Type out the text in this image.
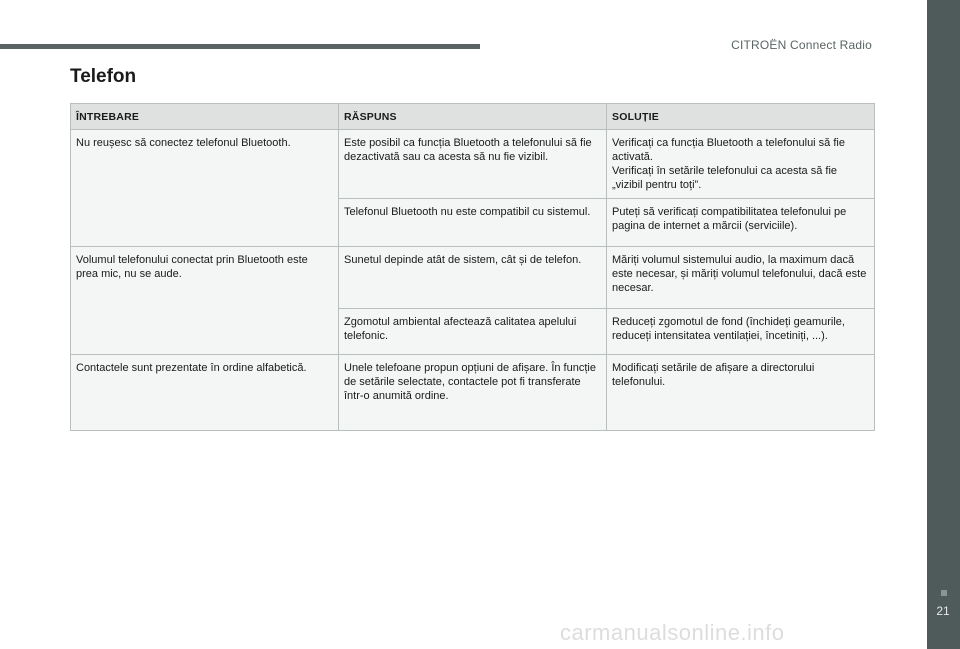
CITROËN Connect Radio
Telefon
ÎNTREBARE	RĂSPUNS	SOLUȚIE

Nu reușesc să conectez telefonul Bluetooth.	Este posibil ca funcția Bluetooth a telefonului să fie dezactivată sau ca acesta să nu fie vizibil.	Verificați ca funcția Bluetooth a telefonului să fie activată.
Verificați în setările telefonului ca acesta să fie „vizibil pentru toți”.

	Telefonul Bluetooth nu este compatibil cu sistemul.	Puteți să verificați compatibilitatea telefonului pe pagina de internet a mărcii (serviciile).

Volumul telefonului conectat prin Bluetooth este prea mic, nu se aude.	Sunetul depinde atât de sistem, cât și de telefon.	Măriți volumul sistemului audio, la maximum dacă este necesar, și măriți volumul telefonului, dacă este necesar.

	Zgomotul ambiental afectează calitatea apelului telefonic.	Reduceți zgomotul de fond (închideți geamurile, reduceți intensitatea ventilației, încetiniți, ...).

Contactele sunt prezentate în ordine alfabetică.	Unele telefoane propun opțiuni de afișare. În funcție de setările selectate, contactele pot fi transferate într-o anumită ordine.	Modificați setările de afișare a directorului telefonului.
21
carmanualsonline.info
